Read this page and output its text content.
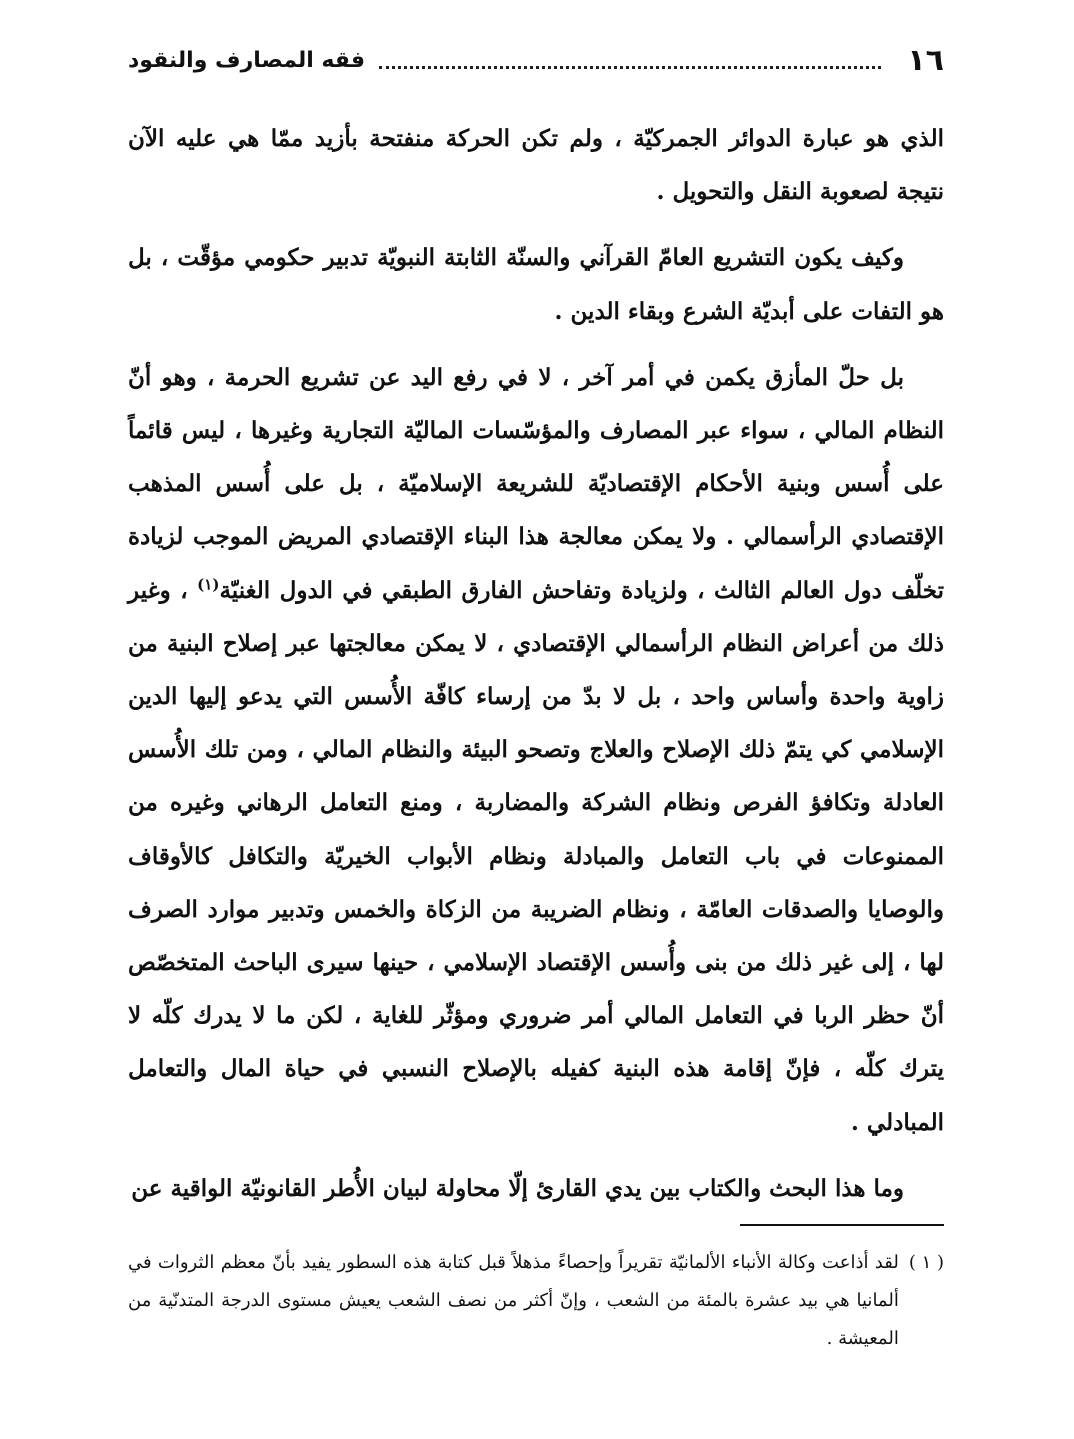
١٦
فقه المصارف والنقود

الذي هو عبارة الدوائر الجمركيّة ، ولم تكن الحركة منفتحة بأزيد ممّا هي عليه الآن نتيجة لصعوبة النقل والتحويل .

وكيف يكون التشريع العامّ القرآني والسنّة الثابتة النبويّة تدبير حكومي مؤقّت ، بل هو التفات على أبديّة الشرع وبقاء الدين .

بل حلّ المأزق يكمن في أمر آخر ، لا في رفع اليد عن تشريع الحرمة ، وهو أنّ النظام المالي ، سواء عبر المصارف والمؤسّسات الماليّة التجارية وغيرها ، ليس قائماً على أُسس وبنية الأحكام الإقتصاديّة للشريعة الإسلاميّة ، بل على أُسس المذهب الإقتصادي الرأسمالي . ولا يمكن معالجة هذا البناء الإقتصادي المريض الموجب لزيادة تخلّف دول العالم الثالث ، ولزيادة وتفاحش الفارق الطبقي في الدول الغنيّة$^{(١)}$ ، وغير ذلك من أعراض النظام الرأسمالي الإقتصادي ، لا يمكن معالجتها عبر إصلاح البنية من زاوية واحدة وأساس واحد ، بل لا بدّ من إرساء كافّة الأُسس التي يدعو إليها الدين الإسلامي كي يتمّ ذلك الإصلاح والعلاج وتصحو البيئة والنظام المالي ، ومن تلك الأُسس العادلة وتكافؤ الفرص ونظام الشركة والمضاربة ، ومنع التعامل الرهاني وغيره من الممنوعات في باب التعامل والمبادلة ونظام الأبواب الخيريّة والتكافل كالأوقاف والوصايا والصدقات العامّة ، ونظام الضريبة من الزكاة والخمس وتدبير موارد الصرف لها ، إلى غير ذلك من بنى وأُسس الإقتصاد الإسلامي ، حينها سيرى الباحث المتخصّص أنّ حظر الربا في التعامل المالي أمر ضروري ومؤثّر للغاية ، لكن ما لا يدرك كلّه لا يترك كلّه ، فإنّ إقامة هذه البنية كفيله بالإصلاح النسبي في حياة المال والتعامل المبادلي .

وما هذا البحث والكتاب بين يدي القارئ إلّا محاولة لبيان الأُطر القانونيّة الواقية عن

( ١ )
لقد أذاعت وكالة الأنباء الألمانيّة تقريراً وإحصاءً مذهلاً قبل كتابة هذه السطور يفيد بأنّ معظم الثروات في ألمانيا هي بيد عشرة بالمئة من الشعب ، وإنّ أكثر من نصف الشعب يعيش مستوى الدرجة المتدنّية من المعيشة .
